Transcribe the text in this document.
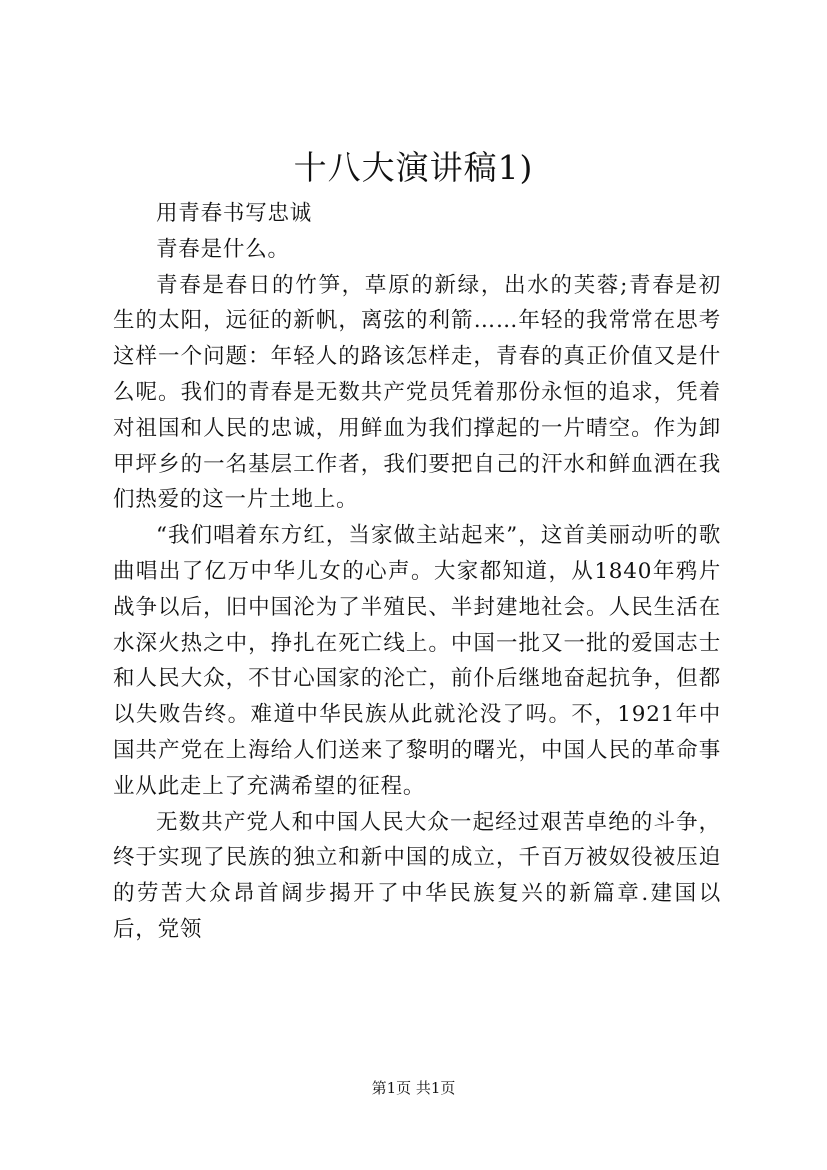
十八大演讲稿1)

用青春书写忠诚

青春是什么。

青春是春日的竹笋，草原的新绿，出水的芙蓉;青春是初生的太阳，远征的新帆，离弦的利箭……年轻的我常常在思考这样一个问题：年轻人的路该怎样走，青春的真正价值又是什么呢。我们的青春是无数共产党员凭着那份永恒的追求，凭着对祖国和人民的忠诚，用鲜血为我们撑起的一片晴空。作为卸甲坪乡的一名基层工作者，我们要把自己的汗水和鲜血洒在我们热爱的这一片土地上。

“我们唱着东方红，当家做主站起来”，这首美丽动听的歌曲唱出了亿万中华儿女的心声。大家都知道，从1840年鸦片战争以后，旧中国沦为了半殖民、半封建地社会。人民生活在水深火热之中，挣扎在死亡线上。中国一批又一批的爱国志士和人民大众，不甘心国家的沦亡，前仆后继地奋起抗争，但都以失败告终。难道中华民族从此就沦没了吗。不，1921年中国共产党在上海给人们送来了黎明的曙光，中国人民的革命事业从此走上了充满希望的征程。

无数共产党人和中国人民大众一起经过艰苦卓绝的斗争，终于实现了民族的独立和新中国的成立，千百万被奴役被压迫的劳苦大众昂首阔步揭开了中华民族复兴的新篇章.建国以后，党领

第1页 共1页
